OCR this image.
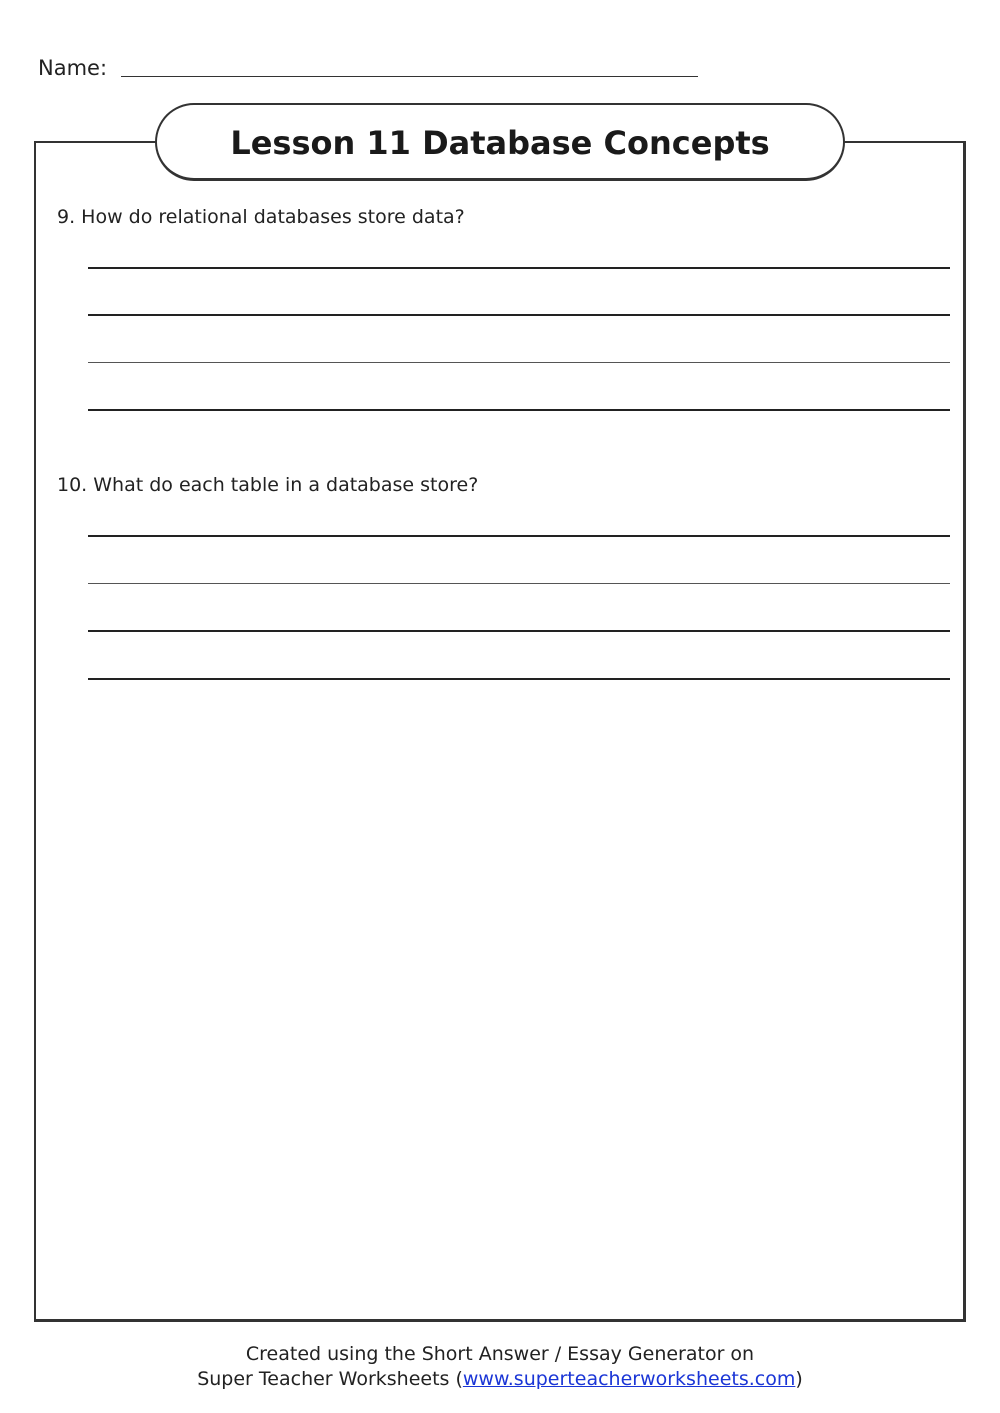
Name:
Lesson 11 Database Concepts
9. How do relational databases store data?
10. What do each table in a database store?
Created using the Short Answer / Essay Generator on
Super Teacher Worksheets (www.superteacherworksheets.com)
